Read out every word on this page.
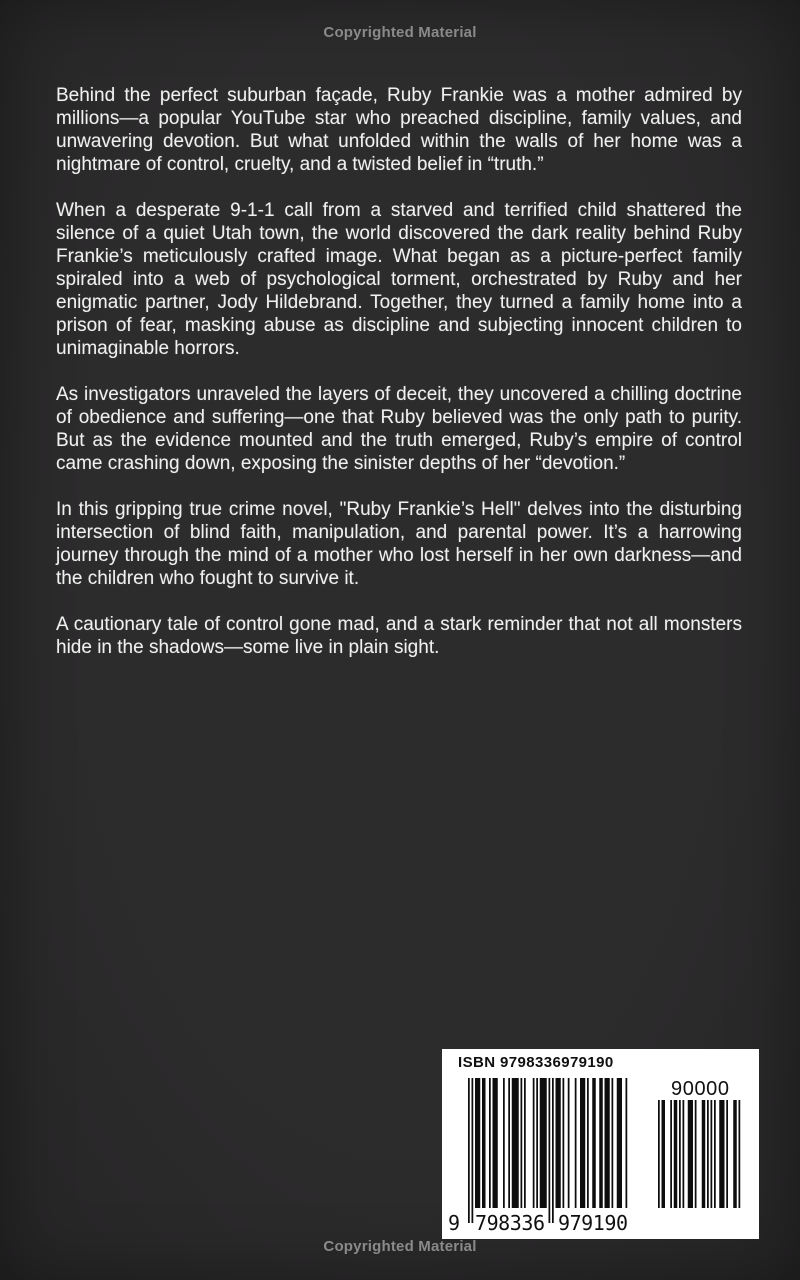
Copyrighted Material

Behind the perfect suburban façade, Ruby Frankie was a mother admired by millions—a popular YouTube star who preached discipline, family values, and unwavering devotion. But what unfolded within the walls of her home was a nightmare of control, cruelty, and a twisted belief in “truth.”

When a desperate 9-1-1 call from a starved and terrified child shattered the silence of a quiet Utah town, the world discovered the dark reality behind Ruby Frankie’s meticulously crafted image. What began as a picture-perfect family spiraled into a web of psychological torment, orchestrated by Ruby and her enigmatic partner, Jody Hildebrand. Together, they turned a family home into a prison of fear, masking abuse as discipline and subjecting innocent children to unimaginable horrors.

As investigators unraveled the layers of deceit, they uncovered a chilling doctrine of obedience and suffering—one that Ruby believed was the only path to purity. But as the evidence mounted and the truth emerged, Ruby’s empire of control came crashing down, exposing the sinister depths of her “devotion.”

In this gripping true crime novel, "Ruby Frankie’s Hell" delves into the disturbing intersection of blind faith, manipulation, and parental power. It’s a harrowing journey through the mind of a mother who lost herself in her own darkness—and the children who fought to survive it.

A cautionary tale of control gone mad, and a stark reminder that not all monsters hide in the shadows—some live in plain sight.

ISBN 9798336979190
9 798336 979190
90000
Copyrighted Material
